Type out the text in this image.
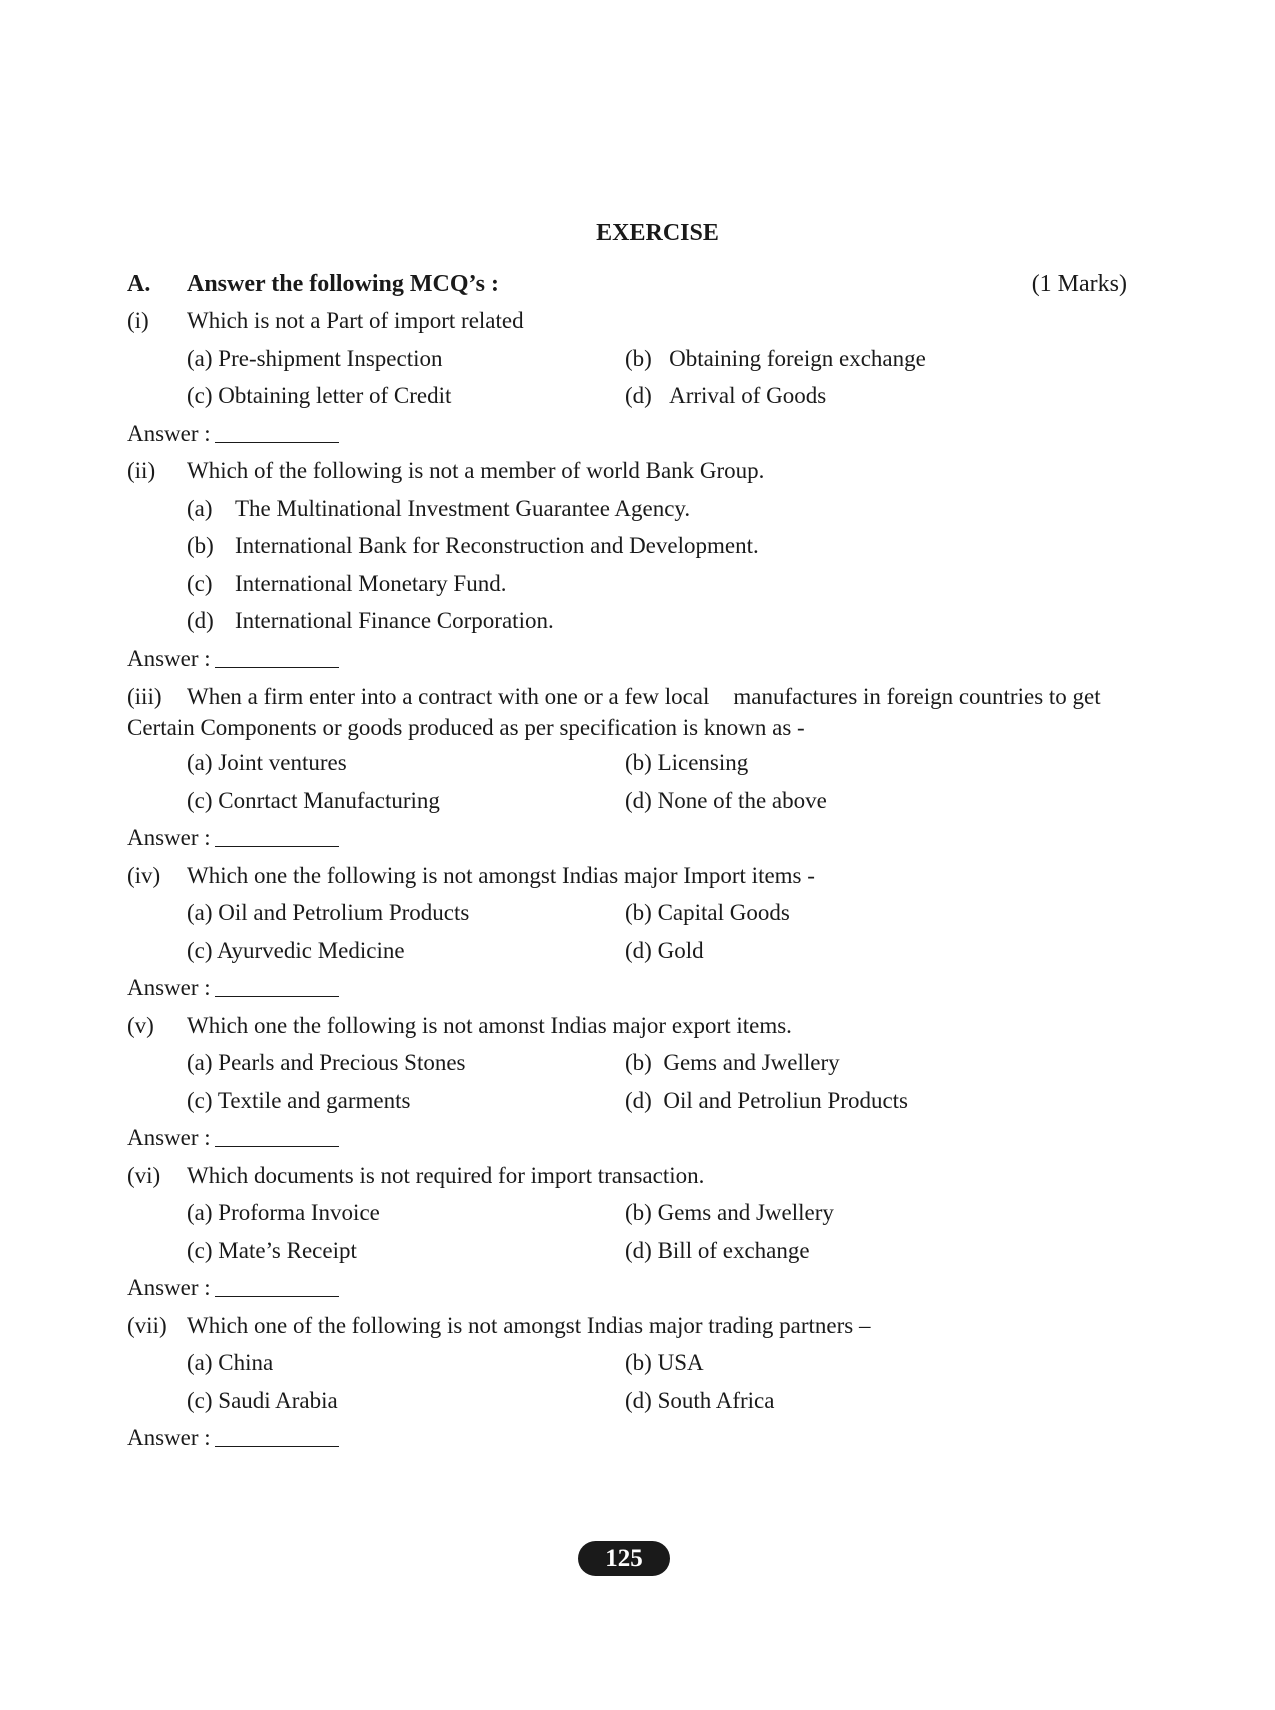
EXERCISE
A. Answer the following MCQ’s :	(1 Marks)
(i) Which is not a Part of import related
(a) Pre-shipment Inspection	(b) Obtaining foreign exchange
(c) Obtaining letter of Credit	(d) Arrival of Goods
Answer :
(ii) Which of the following is not a member of world Bank Group.
(a) The Multinational Investment Guarantee Agency.
(b) International Bank for Reconstruction and Development.
(c) International Monetary Fund.
(d) International Finance Corporation.
Answer :
(iii) When a firm enter into a contract with one or a few local manufactures in foreign countries to get
Certain Components or goods produced as per specification is known as -
(a) Joint ventures	(b) Licensing
(c) Conrtact Manufacturing	(d) None of the above
Answer :
(iv) Which one the following is not amongst Indias major Import items -
(a) Oil and Petrolium Products	(b) Capital Goods
(c) Ayurvedic Medicine	(d) Gold
Answer :
(v) Which one the following is not amonst Indias major export items.
(a) Pearls and Precious Stones	(b) Gems and Jwellery
(c) Textile and garments	(d) Oil and Petroliun Products
Answer :
(vi) Which documents is not required for import transaction.
(a) Proforma Invoice	(b) Gems and Jwellery
(c) Mate’s Receipt	(d) Bill of exchange
Answer :
(vii) Which one of the following is not amongst Indias major trading partners –
(a) China	(b) USA
(c) Saudi Arabia	(d) South Africa
Answer :
125
